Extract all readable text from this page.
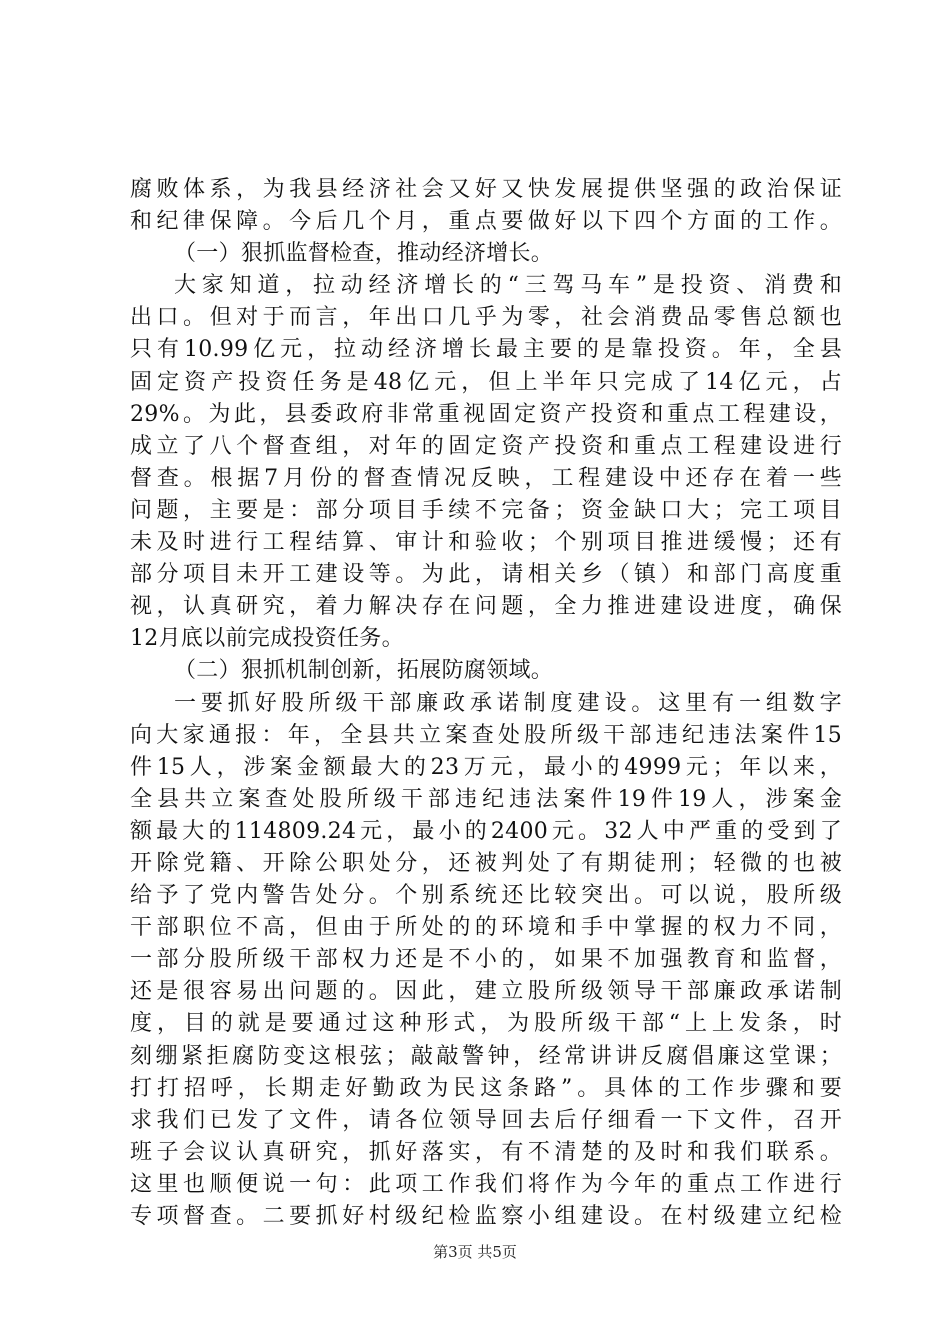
腐败体系，为我县经济社会又好又快发展提供坚强的政治保证
和纪律保障。今后几个月，重点要做好以下四个方面的工作。
（一）狠抓监督检查，推动经济增长。
大家知道，拉动经济增长的“三驾马车”是投资、消费和
出口。但对于而言，年出口几乎为零，社会消费品零售总额也
只有10.99亿元，拉动经济增长最主要的是靠投资。年，全县
固定资产投资任务是48亿元，但上半年只完成了14亿元，占
29%。为此，县委政府非常重视固定资产投资和重点工程建设，
成立了八个督查组，对年的固定资产投资和重点工程建设进行
督查。根据7月份的督查情况反映，工程建设中还存在着一些
问题，主要是：部分项目手续不完备；资金缺口大；完工项目
未及时进行工程结算、审计和验收；个别项目推进缓慢；还有
部分项目未开工建设等。为此，请相关乡（镇）和部门高度重
视，认真研究，着力解决存在问题，全力推进建设进度，确保
12月底以前完成投资任务。
（二）狠抓机制创新，拓展防腐领域。
一要抓好股所级干部廉政承诺制度建设。这里有一组数字
向大家通报：年，全县共立案查处股所级干部违纪违法案件15
件15人，涉案金额最大的23万元，最小的4999元；年以来，
全县共立案查处股所级干部违纪违法案件19件19人，涉案金
额最大的114809.24元，最小的2400元。32人中严重的受到了
开除党籍、开除公职处分，还被判处了有期徒刑；轻微的也被
给予了党内警告处分。个别系统还比较突出。可以说，股所级
干部职位不高，但由于所处的的环境和手中掌握的权力不同，
一部分股所级干部权力还是不小的，如果不加强教育和监督，
还是很容易出问题的。因此，建立股所级领导干部廉政承诺制
度，目的就是要通过这种形式，为股所级干部“上上发条，时
刻绷紧拒腐防变这根弦；敲敲警钟，经常讲讲反腐倡廉这堂课；
打打招呼，长期走好勤政为民这条路”。具体的工作步骤和要
求我们已发了文件，请各位领导回去后仔细看一下文件，召开
班子会议认真研究，抓好落实，有不清楚的及时和我们联系。
这里也顺便说一句：此项工作我们将作为今年的重点工作进行
专项督查。二要抓好村级纪检监察小组建设。在村级建立纪检
第3页 共5页
